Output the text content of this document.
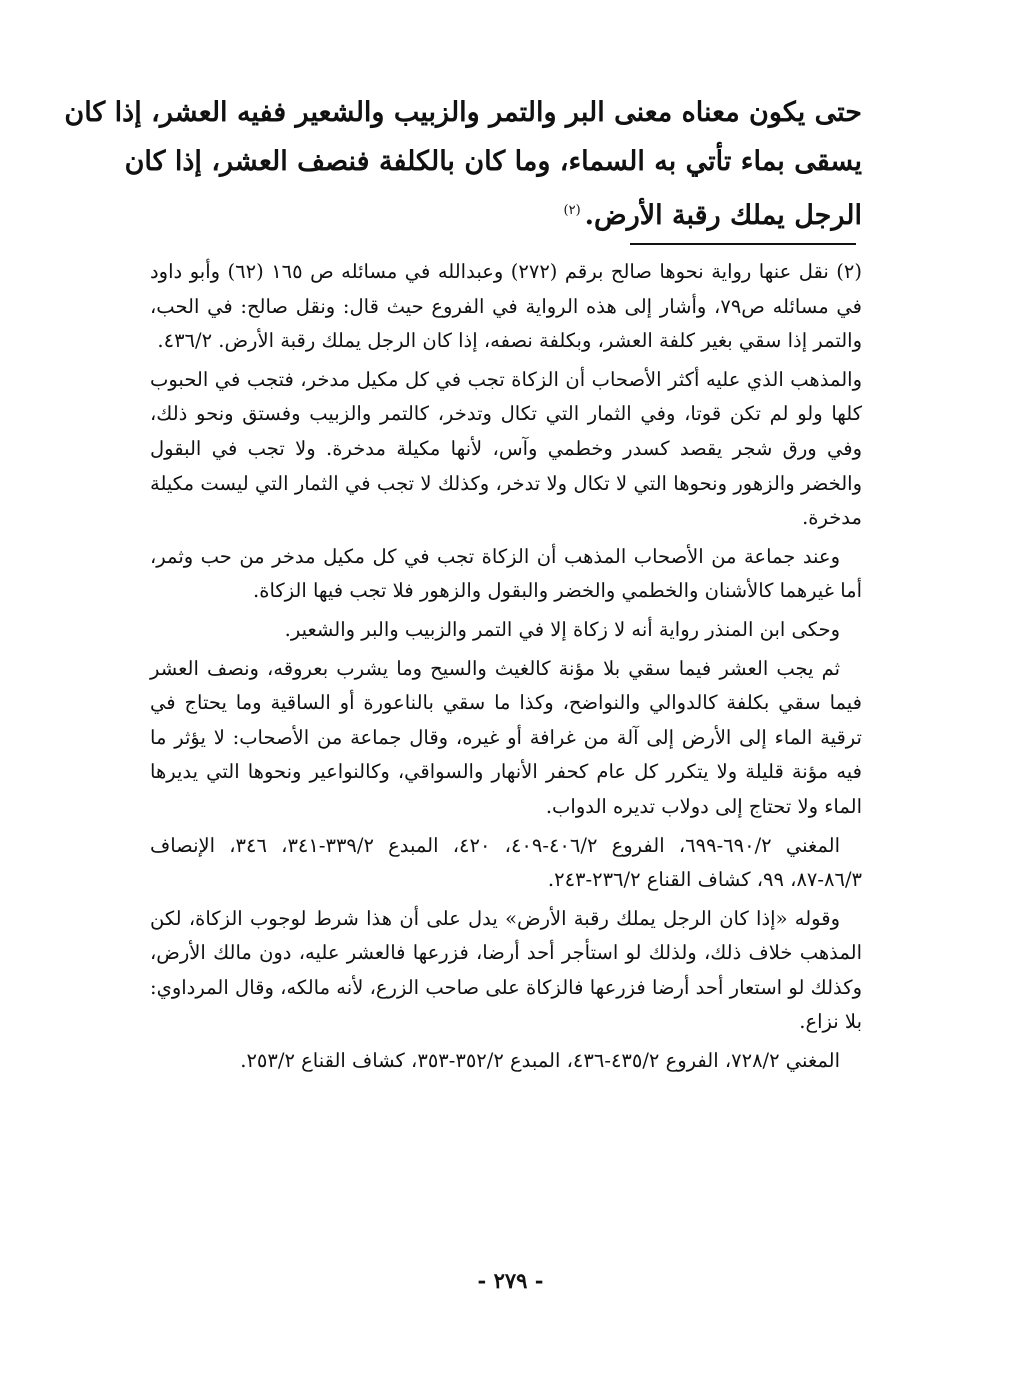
حتى يكون معناه معنى البر والتمر والزبيب والشعير ففيه العشر، إذا كان
يسقى بماء تأتي به السماء، وما كان بالكلفة فنصف العشر، إذا كان
الرجل يملك رقبة الأرض.$^{(٢)}$

(٢) نقل عنها رواية نحوها صالح برقم (٢٧٢) وعبدالله في مسائله ص ١٦٥ (٦٢) وأبو داود في مسائله ص٧٩، وأشار إلى هذه الرواية في الفروع حيث قال: ونقل صالح: في الحب، والتمر إذا سقي بغير كلفة العشر، وبكلفة نصفه، إذا كان الرجل يملك رقبة الأرض. ٤٣٦/٢.

والمذهب الذي عليه أكثر الأصحاب أن الزكاة تجب في كل مكيل مدخر، فتجب في الحبوب كلها ولو لم تكن قوتا، وفي الثمار التي تكال وتدخر، كالتمر والزبيب وفستق ونحو ذلك، وفي ورق شجر يقصد كسدر وخطمي وآس، لأنها مكيلة مدخرة. ولا تجب في البقول والخضر والزهور ونحوها التي لا تكال ولا تدخر، وكذلك لا تجب في الثمار التي ليست مكيلة مدخرة.

وعند جماعة من الأصحاب المذهب أن الزكاة تجب في كل مكيل مدخر من حب وثمر، أما غيرهما كالأشنان والخطمي والخضر والبقول والزهور فلا تجب فيها الزكاة.

وحكى ابن المنذر رواية أنه لا زكاة إلا في التمر والزبيب والبر والشعير.

ثم يجب العشر فيما سقي بلا مؤنة كالغيث والسيح وما يشرب بعروقه، ونصف العشر فيما سقي بكلفة كالدوالي والنواضح، وكذا ما سقي بالناعورة أو الساقية وما يحتاج في ترقية الماء إلى الأرض إلى آلة من غرافة أو غيره، وقال جماعة من الأصحاب: لا يؤثر ما فيه مؤنة قليلة ولا يتكرر كل عام كحفر الأنهار والسواقي، وكالنواعير ونحوها التي يديرها الماء ولا تحتاج إلى دولاب تديره الدواب.

المغني ٦٩٠/٢-٦٩٩، الفروع ٤٠٦/٢-٤٠٩، ٤٢٠، المبدع ٣٣٩/٢-٣٤١، ٣٤٦، الإنصاف ٨٦/٣-٨٧، ٩٩، كشاف القناع ٢٣٦/٢-٢٤٣.

وقوله «إذا كان الرجل يملك رقبة الأرض» يدل على أن هذا شرط لوجوب الزكاة، لكن المذهب خلاف ذلك، ولذلك لو استأجر أحد أرضا، فزرعها فالعشر عليه، دون مالك الأرض، وكذلك لو استعار أحد أرضا فزرعها فالزكاة على صاحب الزرع، لأنه مالكه، وقال المرداوي: بلا نزاع.

المغني ٧٢٨/٢، الفروع ٤٣٥/٢-٤٣٦، المبدع ٣٥٢/٢-٣٥٣، كشاف القناع ٢٥٣/٢.

- ٢٧٩ -
